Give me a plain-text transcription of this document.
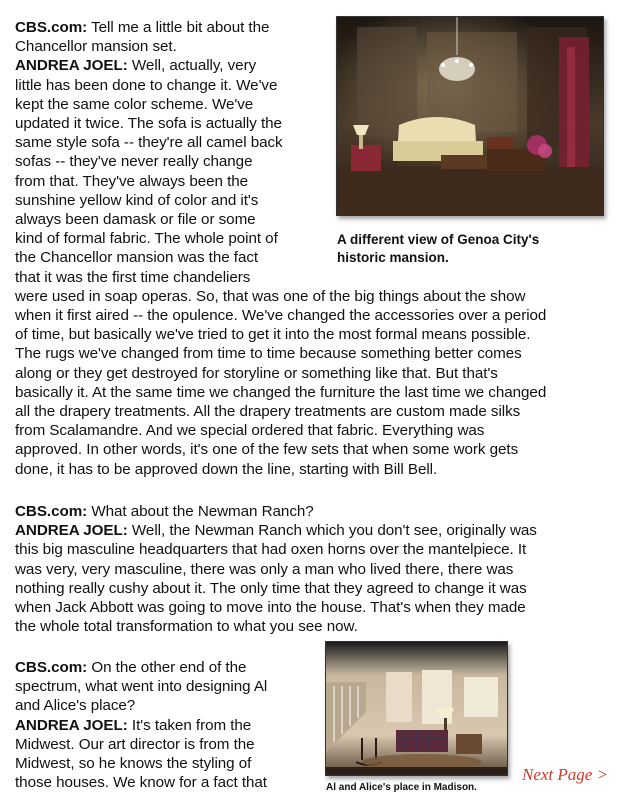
CBS.com: Tell me a little bit about the

Chancellor mansion set.

ANDREA JOEL: Well, actually, very

little has been done to change it. We've

kept the same color scheme. We've

updated it twice. The sofa is actually the

same style sofa -- they're all camel back

sofas -- they've never really change

from that. They've always been the

sunshine yellow kind of color and it's

always been damask or file or some

kind of formal fabric. The whole point of

the Chancellor mansion was the fact

that it was the first time chandeliers

were used in soap operas. So, that was one of the big things about the show

when it first aired -- the opulence. We've changed the accessories over a period

of time, but basically we've tried to get it into the most formal means possible.

The rugs we've changed from time to time because something better comes

along or they get destroyed for storyline or something like that. But that's

basically it. At the same time we changed the furniture the last time we changed

all the drapery treatments. All the drapery treatments are custom made silks

from Scalamandre. And we special ordered that fabric. Everything was

approved. In other words, it's one of the few sets that when some work gets

done, it has to be approved down the line, starting with Bill Bell.

A different view of Genoa City's
historic mansion.

CBS.com: What about the Newman Ranch?

ANDREA JOEL: Well, the Newman Ranch which you don't see, originally was

this big masculine headquarters that had oxen horns over the mantelpiece. It

was very, very masculine, there was only a man who lived there, there was

nothing really cushy about it. The only time that they agreed to change it was

when Jack Abbott was going to move into the house. That's when they made

the whole total transformation to what you see now.

CBS.com: On the other end of the

spectrum, what went into designing Al

and Alice's place?

ANDREA JOEL: It's taken from the

Midwest. Our art director is from the

Midwest, so he knows the styling of

those houses. We know for a fact that	Al and Alice's place in Madison.
Next Page >
